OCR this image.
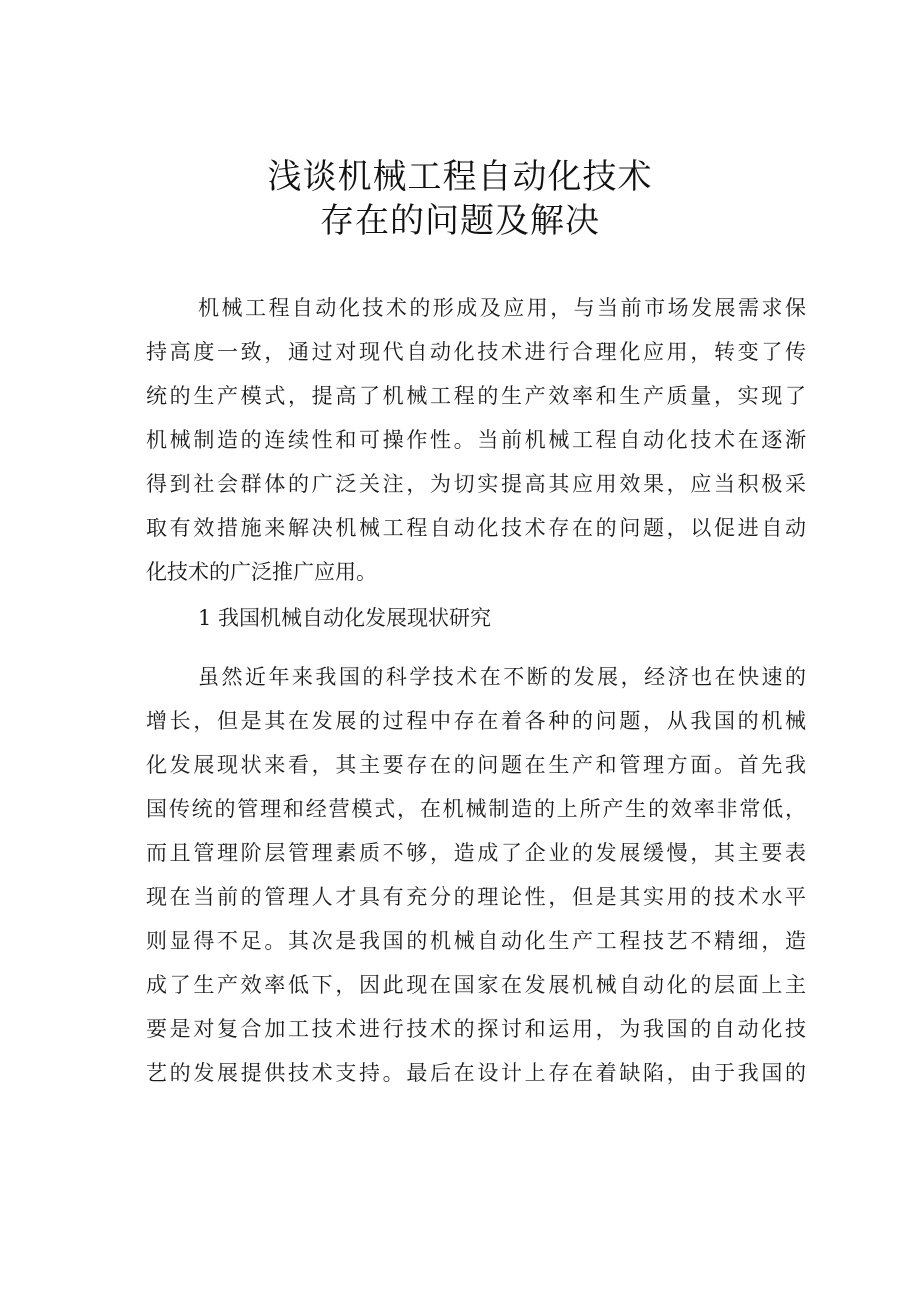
浅谈机械工程自动化技术
存在的问题及解决
机械工程自动化技术的形成及应用，与当前市场发展需求保
持高度一致，通过对现代自动化技术进行合理化应用，转变了传
统的生产模式，提高了机械工程的生产效率和生产质量，实现了
机械制造的连续性和可操作性。当前机械工程自动化技术在逐渐
得到社会群体的广泛关注，为切实提高其应用效果，应当积极采
取有效措施来解决机械工程自动化技术存在的问题，以促进自动
化技术的广泛推广应用。
1 我国机械自动化发展现状研究
虽然近年来我国的科学技术在不断的发展，经济也在快速的
增长，但是其在发展的过程中存在着各种的问题，从我国的机械
化发展现状来看，其主要存在的问题在生产和管理方面。首先我
国传统的管理和经营模式，在机械制造的上所产生的效率非常低，
而且管理阶层管理素质不够，造成了企业的发展缓慢，其主要表
现在当前的管理人才具有充分的理论性，但是其实用的技术水平
则显得不足。其次是我国的机械自动化生产工程技艺不精细，造
成了生产效率低下，因此现在国家在发展机械自动化的层面上主
要是对复合加工技术进行技术的探讨和运用，为我国的自动化技
艺的发展提供技术支持。最后在设计上存在着缺陷，由于我国的
